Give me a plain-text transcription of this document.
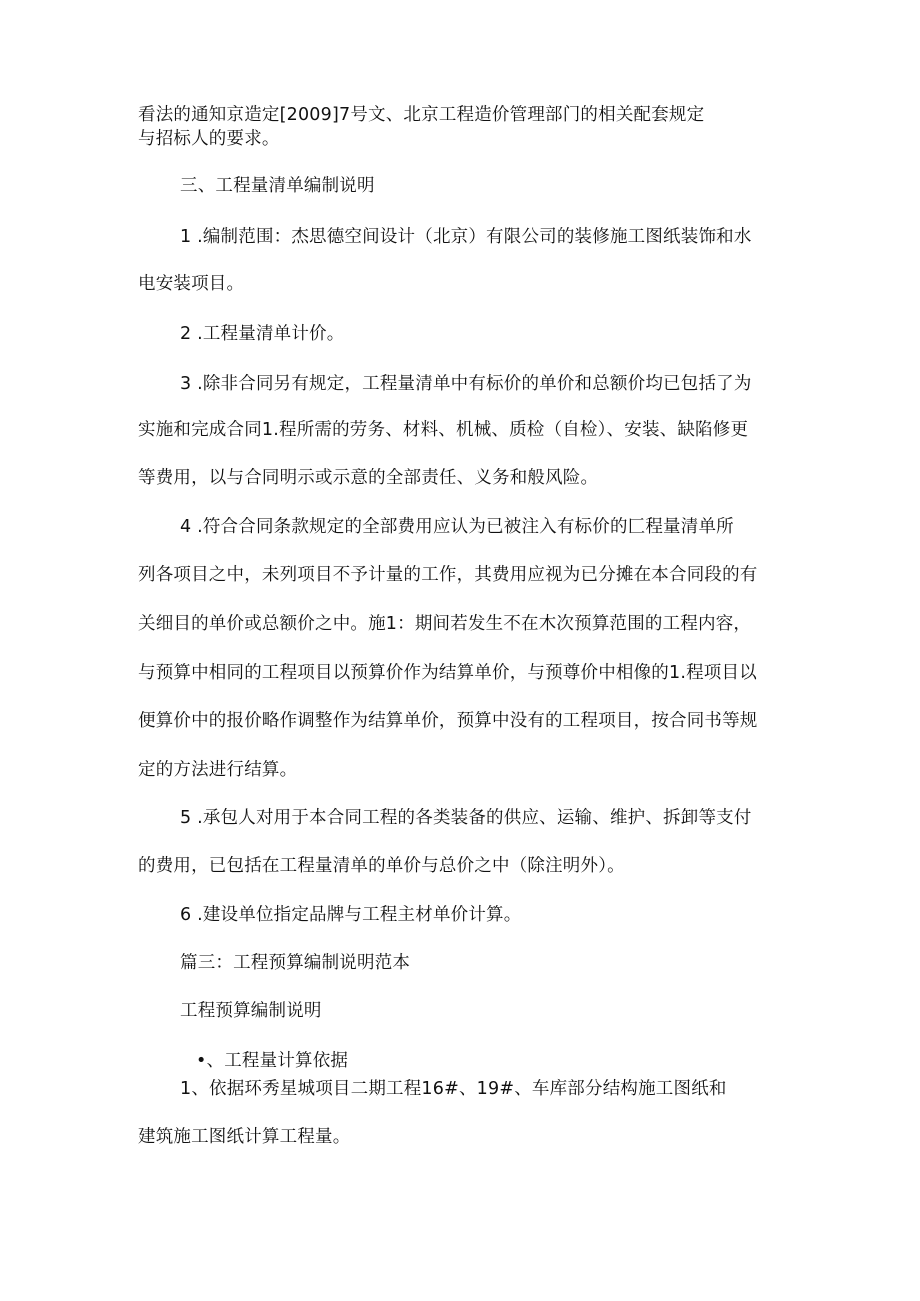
看法的通知京造定[2009]7号文、北京工程造价管理部门的相关配套规定
与招标人的要求。
三、工程量清单编制说明
1 .编制范围：杰思德空间设计（北京）有限公司的装修施工图纸装饰和水
电安装项目。
2 .工程量清单计价。
3 .除非合同另有规定，工程量清单中有标价的单价和总额价均已包括了为
实施和完成合同1.程所需的劳务、材料、机械、质检（自检）、安装、缺陷修更
等费用，以与合同明示或示意的全部责任、义务和般风险。
4 .符合合同条款规定的全部费用应认为已被注入有标价的匚程量清单所
列各项目之中，未列项目不予计量的工作，其费用应视为已分摊在本合同段的有
关细目的单价或总额价之中。施1：期间若发生不在木次预算范围的工程内容，
与预算中相同的工程项目以预算价作为结算单价，与预尊价中相像的1.程项目以
便算价中的报价略作调整作为结算单价，预算中没有的工程项目，按合同书等规
定的方法进行结算。
5 .承包人对用于本合同工程的各类装备的供应、运输、维护、拆卸等支付
的费用，已包括在工程量清单的单价与总价之中（除注明外）。
6 .建设单位指定品牌与工程主材单价计算。
篇三：工程预算编制说明范本
工程预算编制说明
•、工程量计算依据
1、依据环秀星城项目二期工程16#、19#、车库部分结构施工图纸和
建筑施工图纸计算工程量。
